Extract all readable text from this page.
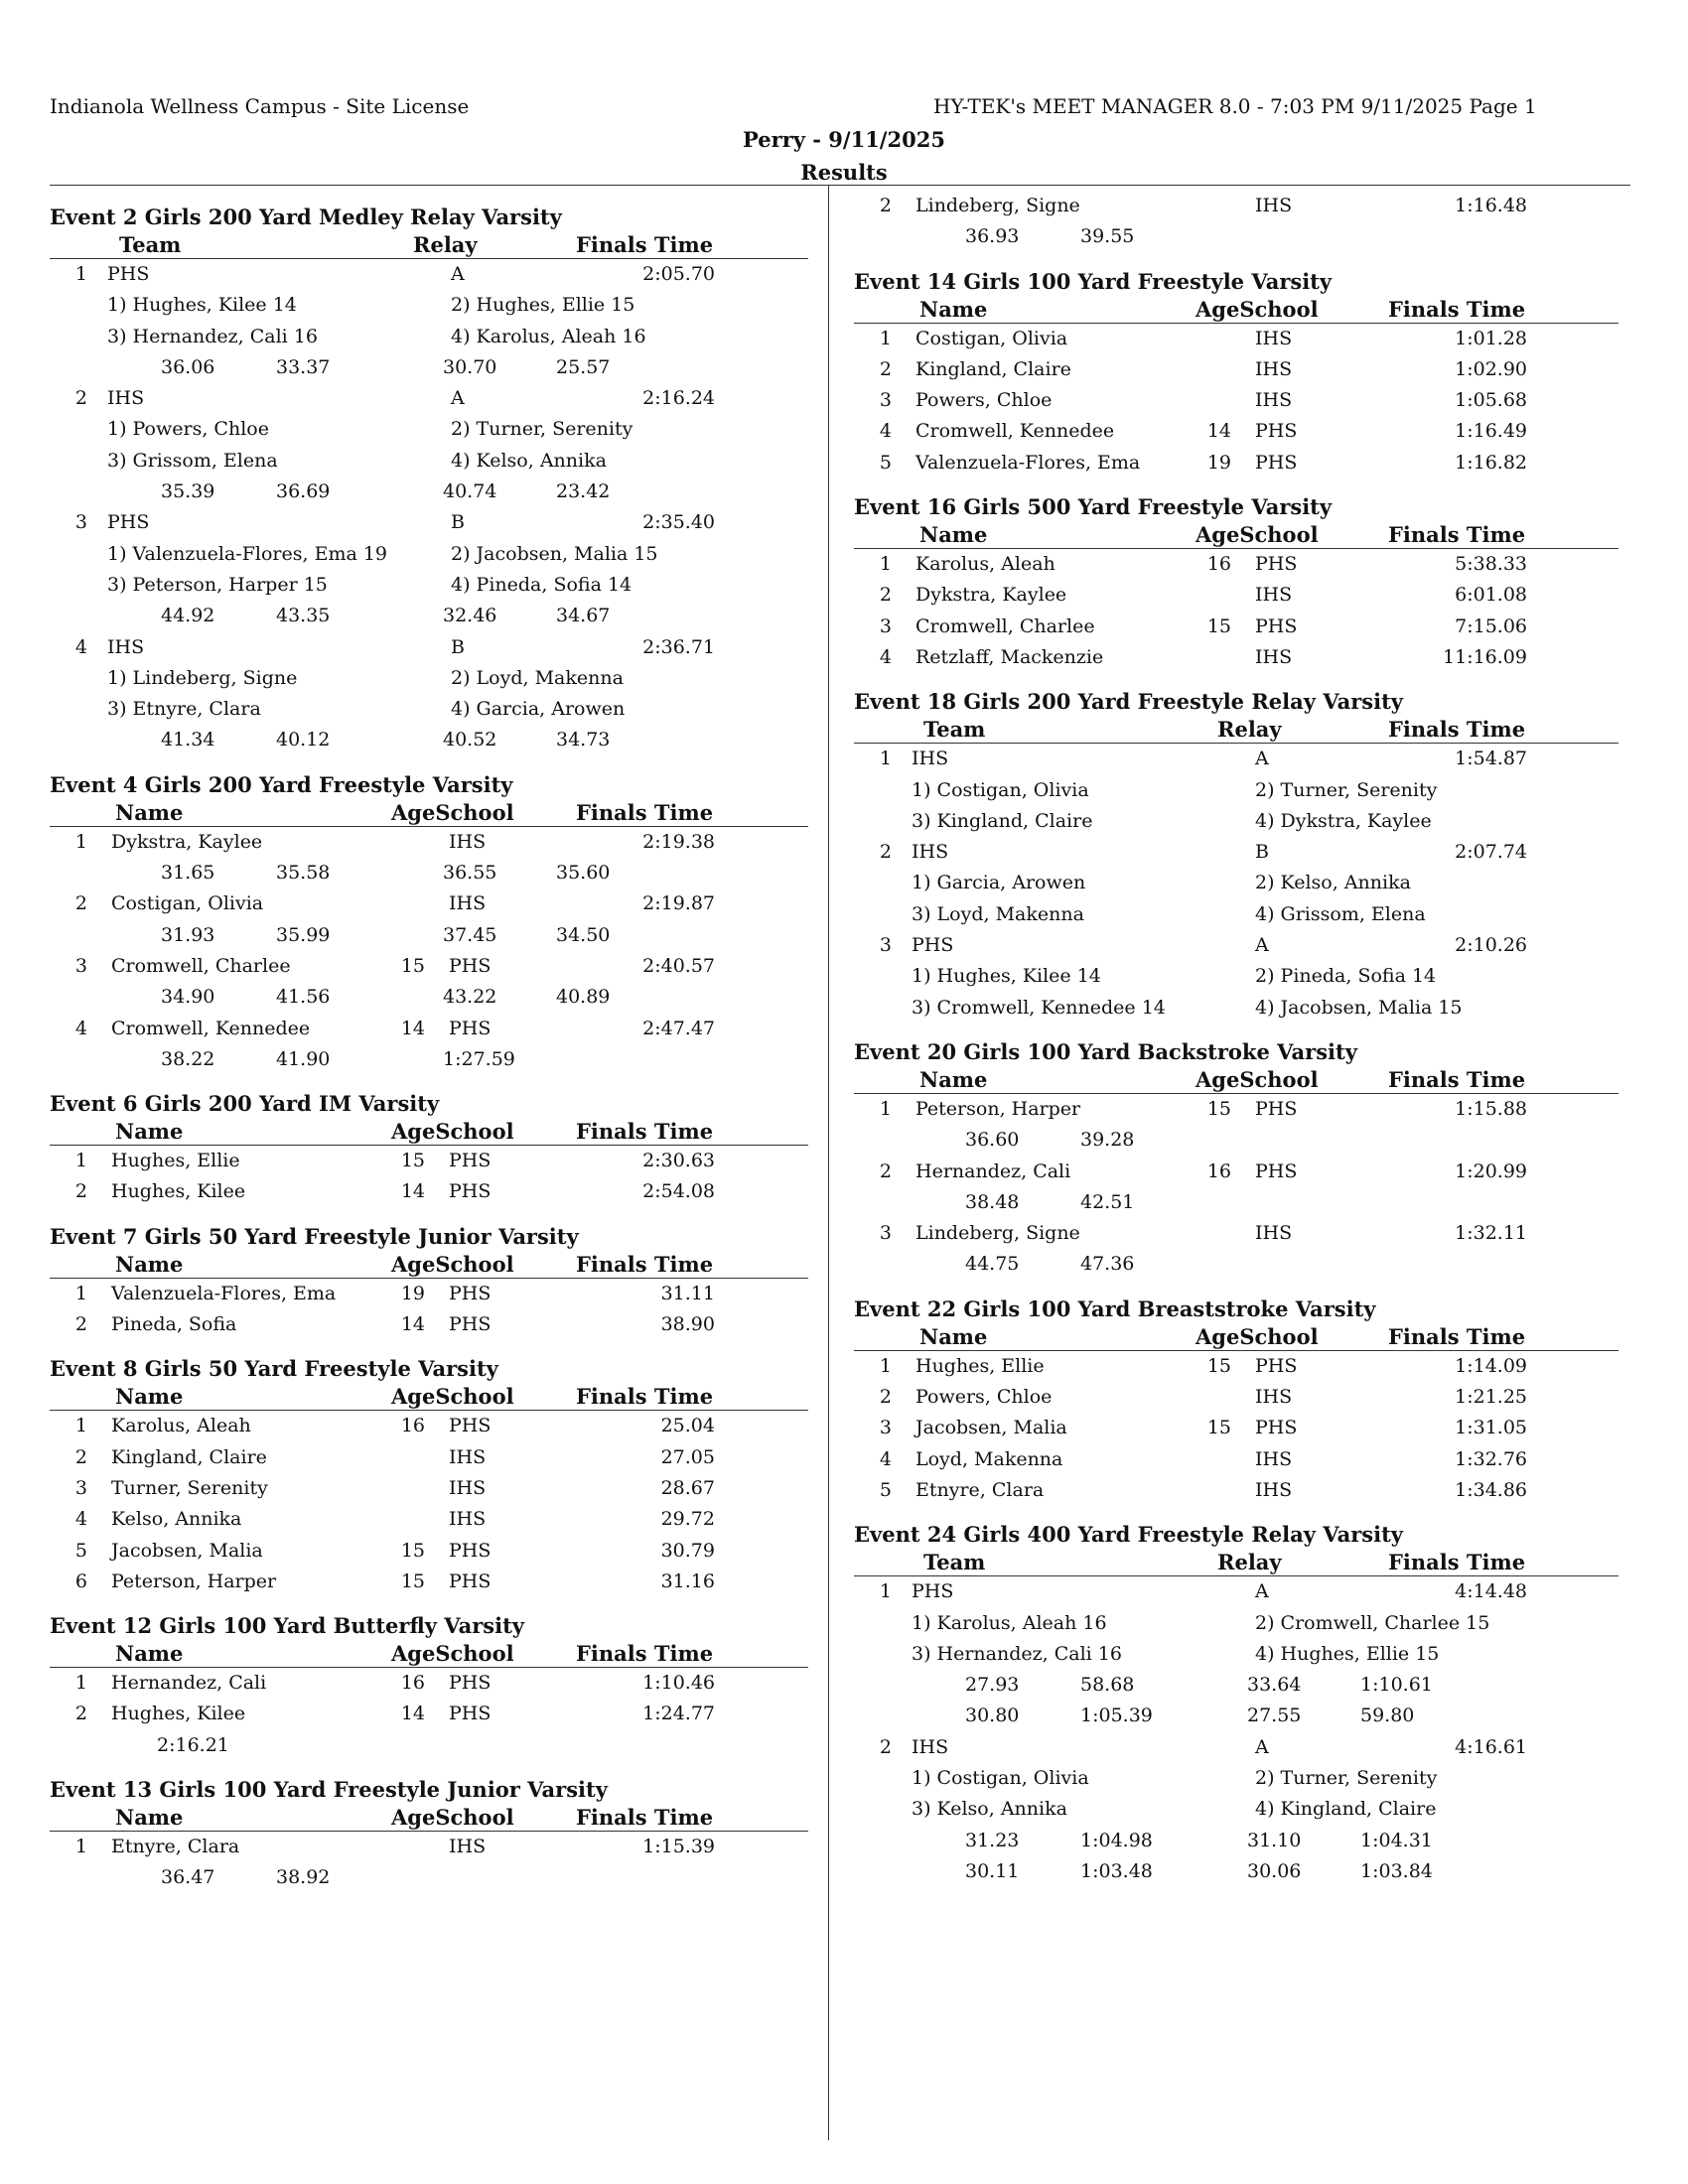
Indianola Wellness Campus - Site License	HY-TEK's MEET MANAGER 8.0 - 7:03 PM 9/11/2025 Page 1
Perry - 9/11/2025
Results
Event 2 Girls 200 Yard Medley Relay Varsity
Team	Relay	Finals Time
1 PHS	A	2:05.70
1) Hughes, Kilee 14	2) Hughes, Ellie 15
3) Hernandez, Cali 16	4) Karolus, Aleah 16
36.06	33.37	30.70	25.57
2 IHS	A	2:16.24
1) Powers, Chloe	2) Turner, Serenity
3) Grissom, Elena	4) Kelso, Annika
35.39	36.69	40.74	23.42
3 PHS	B	2:35.40
1) Valenzuela-Flores, Ema 19	2) Jacobsen, Malia 15
3) Peterson, Harper 15	4) Pineda, Sofia 14
44.92	43.35	32.46	34.67
4 IHS	B	2:36.71
1) Lindeberg, Signe	2) Loyd, Makenna
3) Etnyre, Clara	4) Garcia, Arowen
41.34	40.12	40.52	34.73
Event 4 Girls 200 Yard Freestyle Varsity
Name	AgeSchool	Finals Time
1 Dykstra, Kaylee	IHS	2:19.38
31.65	35.58	36.55	35.60
2 Costigan, Olivia	IHS	2:19.87
31.93	35.99	37.45	34.50
3 Cromwell, Charlee	15 PHS	2:40.57
34.90	41.56	43.22	40.89
4 Cromwell, Kennedee	14 PHS	2:47.47
38.22	41.90	1:27.59
Event 6 Girls 200 Yard IM Varsity
Name	AgeSchool	Finals Time
1 Hughes, Ellie	15 PHS	2:30.63
2 Hughes, Kilee	14 PHS	2:54.08
Event 7 Girls 50 Yard Freestyle Junior Varsity
Name	AgeSchool	Finals Time
1 Valenzuela-Flores, Ema	19 PHS	31.11
2 Pineda, Sofia	14 PHS	38.90
Event 8 Girls 50 Yard Freestyle Varsity
Name	AgeSchool	Finals Time
1 Karolus, Aleah	16 PHS	25.04
2 Kingland, Claire	IHS	27.05
3 Turner, Serenity	IHS	28.67
4 Kelso, Annika	IHS	29.72
5 Jacobsen, Malia	15 PHS	30.79
6 Peterson, Harper	15 PHS	31.16
Event 12 Girls 100 Yard Butterfly Varsity
Name	AgeSchool	Finals Time
1 Hernandez, Cali	16 PHS	1:10.46
2 Hughes, Kilee	14 PHS	1:24.77
2:16.21
Event 13 Girls 100 Yard Freestyle Junior Varsity
Name	AgeSchool	Finals Time
1 Etnyre, Clara	IHS	1:15.39
36.47	38.92
2 Lindeberg, Signe	IHS	1:16.48
36.93	39.55
Event 14 Girls 100 Yard Freestyle Varsity
Name	AgeSchool	Finals Time
1 Costigan, Olivia	IHS	1:01.28
2 Kingland, Claire	IHS	1:02.90
3 Powers, Chloe	IHS	1:05.68
4 Cromwell, Kennedee	14 PHS	1:16.49
5 Valenzuela-Flores, Ema	19 PHS	1:16.82
Event 16 Girls 500 Yard Freestyle Varsity
Name	AgeSchool	Finals Time
1 Karolus, Aleah	16 PHS	5:38.33
2 Dykstra, Kaylee	IHS	6:01.08
3 Cromwell, Charlee	15 PHS	7:15.06
4 Retzlaff, Mackenzie	IHS	11:16.09
Event 18 Girls 200 Yard Freestyle Relay Varsity
Team	Relay	Finals Time
1 IHS	A	1:54.87
1) Costigan, Olivia	2) Turner, Serenity
3) Kingland, Claire	4) Dykstra, Kaylee
2 IHS	B	2:07.74
1) Garcia, Arowen	2) Kelso, Annika
3) Loyd, Makenna	4) Grissom, Elena
3 PHS	A	2:10.26
1) Hughes, Kilee 14	2) Pineda, Sofia 14
3) Cromwell, Kennedee 14	4) Jacobsen, Malia 15
Event 20 Girls 100 Yard Backstroke Varsity
Name	AgeSchool	Finals Time
1 Peterson, Harper	15 PHS	1:15.88
36.60	39.28
2 Hernandez, Cali	16 PHS	1:20.99
38.48	42.51
3 Lindeberg, Signe	IHS	1:32.11
44.75	47.36
Event 22 Girls 100 Yard Breaststroke Varsity
Name	AgeSchool	Finals Time
1 Hughes, Ellie	15 PHS	1:14.09
2 Powers, Chloe	IHS	1:21.25
3 Jacobsen, Malia	15 PHS	1:31.05
4 Loyd, Makenna	IHS	1:32.76
5 Etnyre, Clara	IHS	1:34.86
Event 24 Girls 400 Yard Freestyle Relay Varsity
Team	Relay	Finals Time
1 PHS	A	4:14.48
1) Karolus, Aleah 16	2) Cromwell, Charlee 15
3) Hernandez, Cali 16	4) Hughes, Ellie 15
27.93	58.68	33.64	1:10.61
30.80	1:05.39	27.55	59.80
2 IHS	A	4:16.61
1) Costigan, Olivia	2) Turner, Serenity
3) Kelso, Annika	4) Kingland, Claire
31.23	1:04.98	31.10	1:04.31
30.11	1:03.48	30.06	1:03.84
